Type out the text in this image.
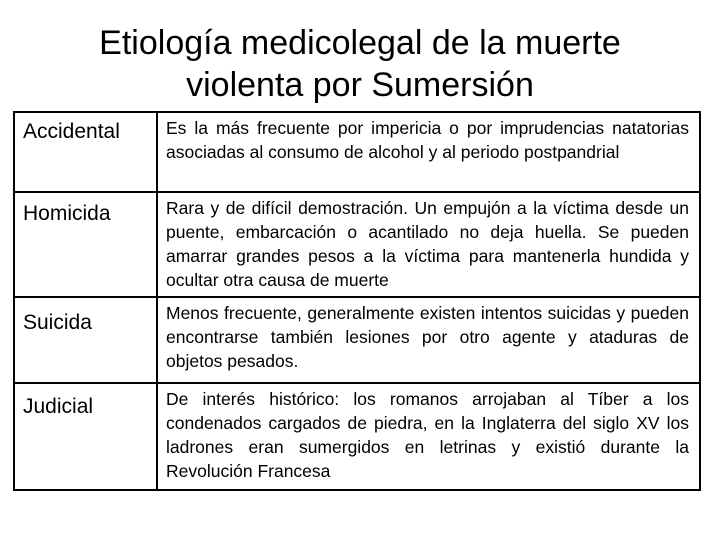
Etiología medicolegal de la muerte
violenta por Sumersión
Accidental	Es la más frecuente por impericia o por imprudencias natatorias asociadas al consumo de alcohol y al periodo postpandrial
Homicida	Rara y de difícil demostración. Un empujón a la víctima desde un puente, embarcación o acantilado no deja huella. Se pueden amarrar grandes pesos a la víctima para mantenerla hundida y ocultar otra causa de muerte
Suicida	Menos frecuente, generalmente existen intentos suicidas y pueden encontrarse también lesiones por otro agente y ataduras de objetos pesados.
Judicial	De interés histórico: los romanos arrojaban al Tíber a los condenados cargados de piedra, en la Inglaterra del siglo XV los ladrones eran sumergidos en letrinas y existió durante la Revolución Francesa
